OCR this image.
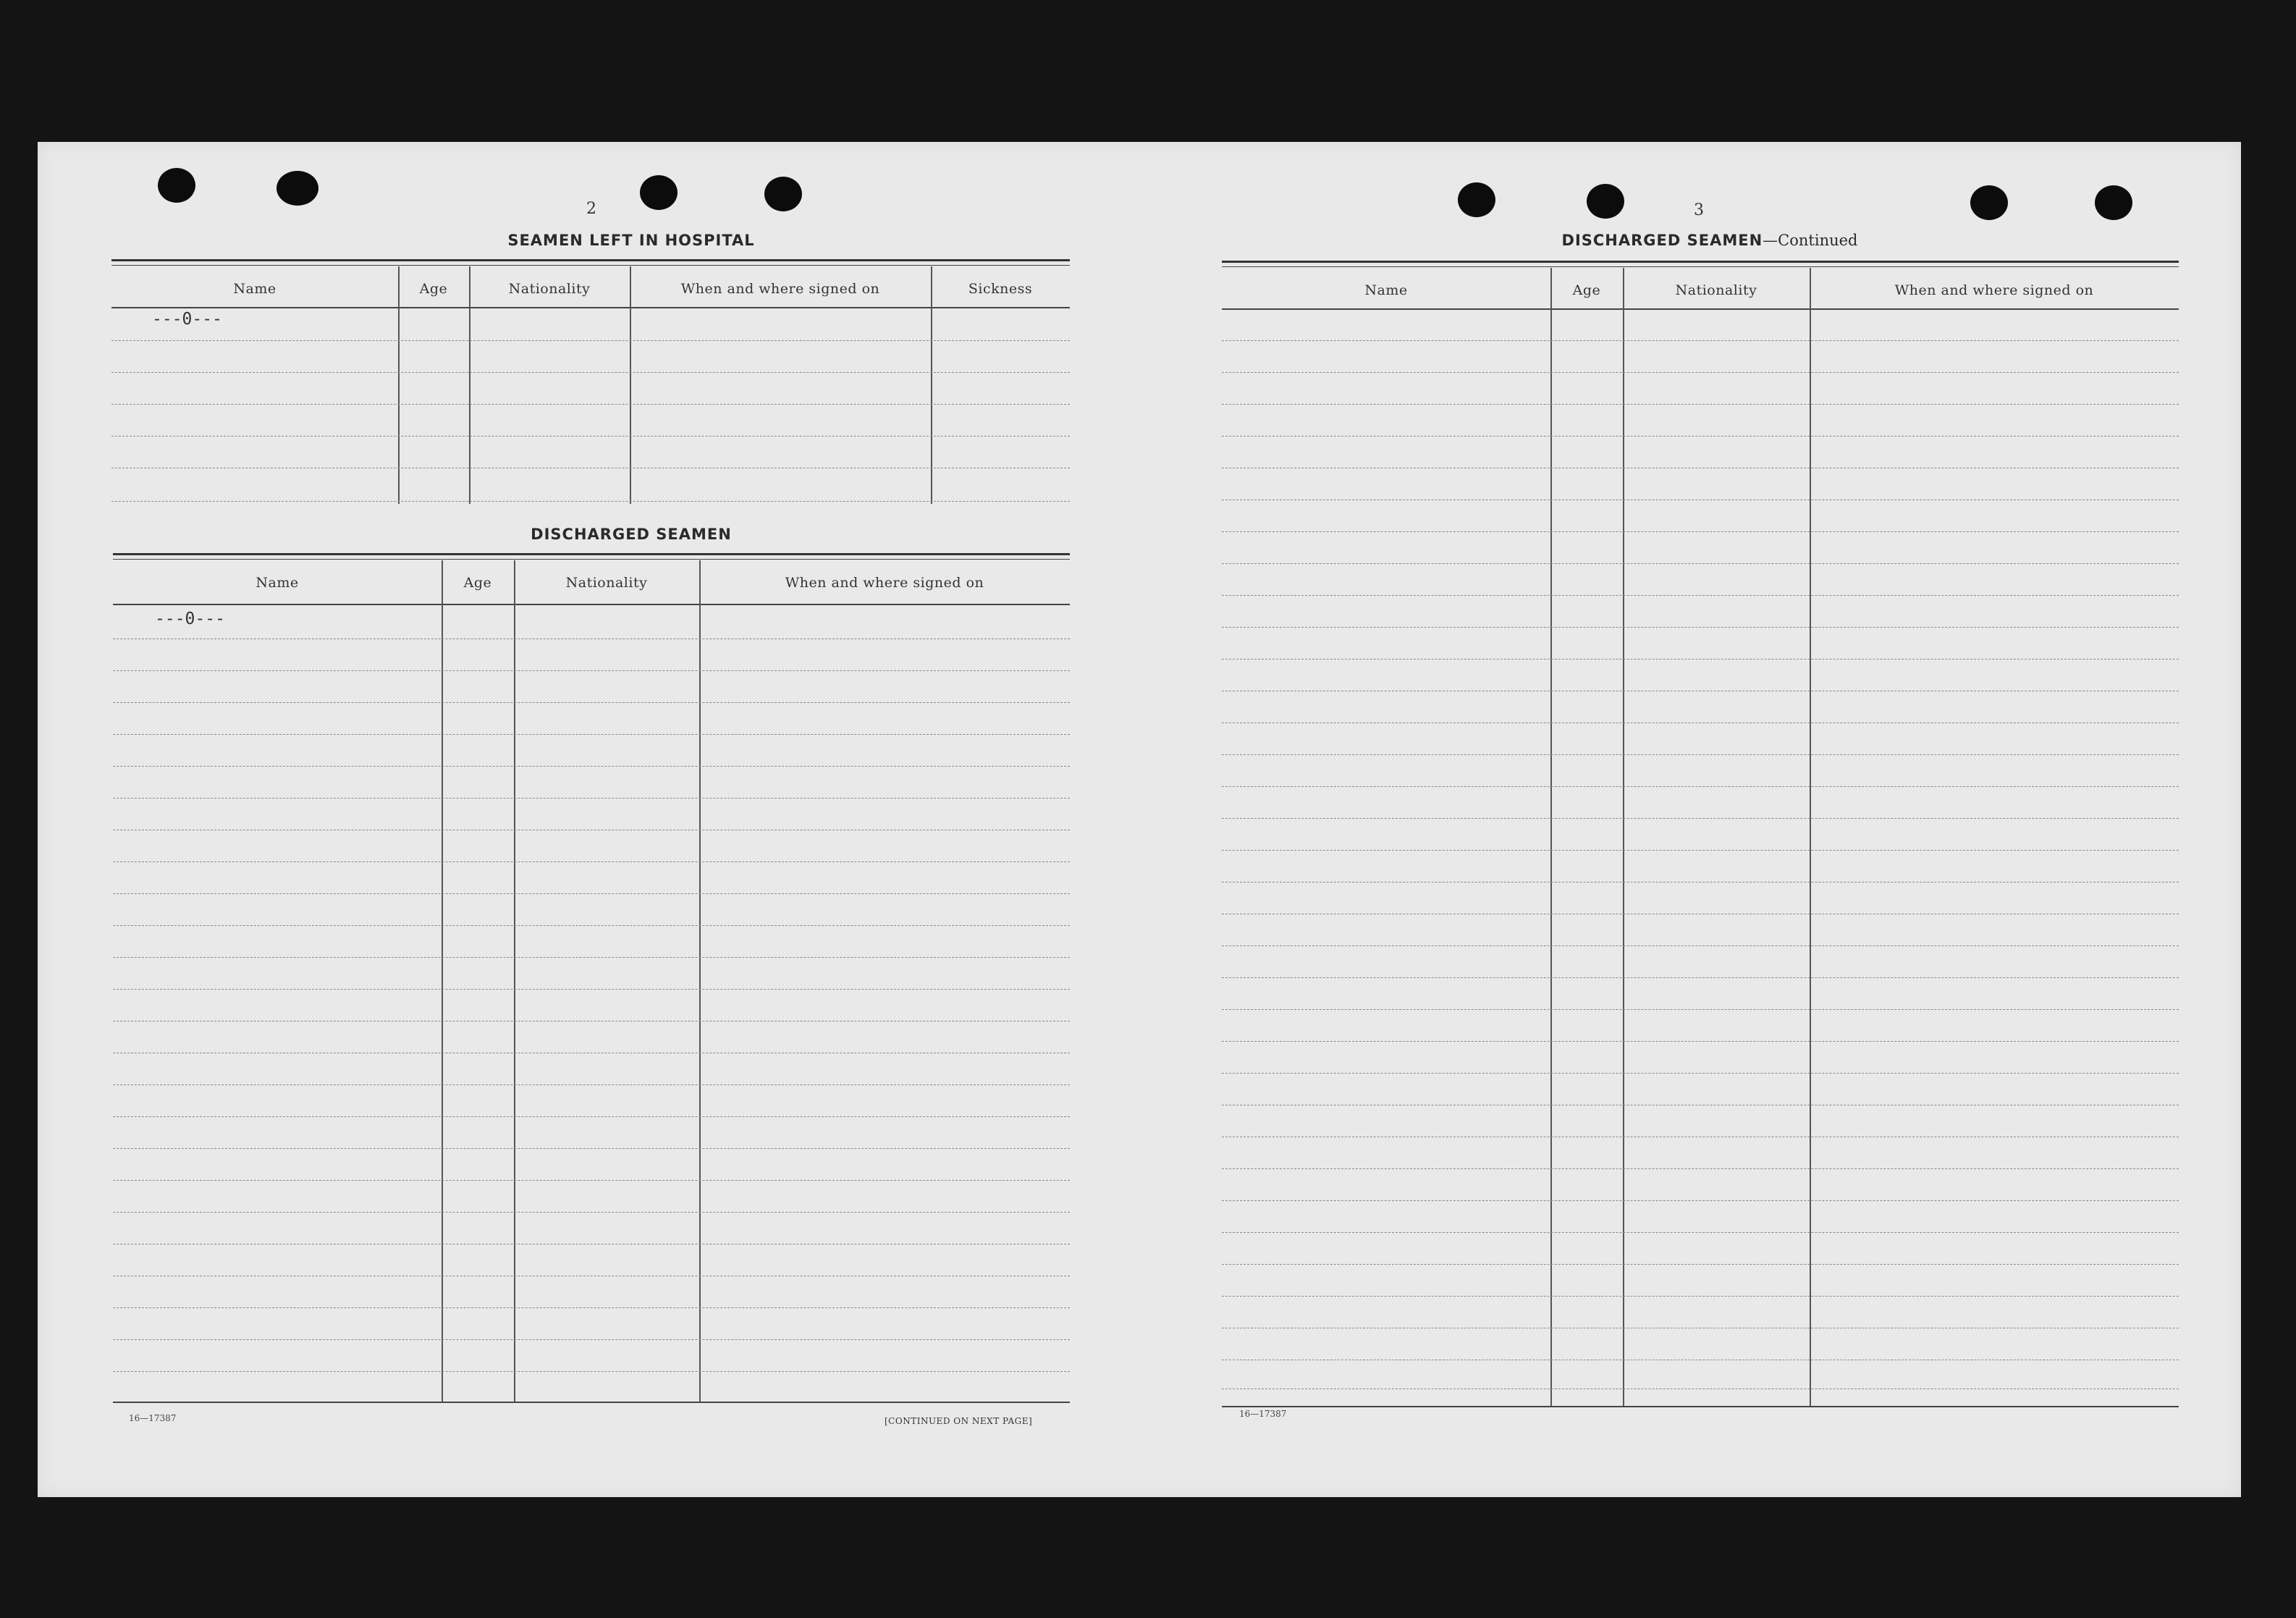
2
SEAMEN LEFT IN HOSPITAL
Name	Age	Nationality	When and where signed on	Sickness
---0---
DISCHARGED SEAMEN
Name	Age	Nationality	When and where signed on
---0---
16—17387	[CONTINUED ON NEXT PAGE]
3
DISCHARGED SEAMEN—Continued
Name	Age	Nationality	When and where signed on
16—17387
